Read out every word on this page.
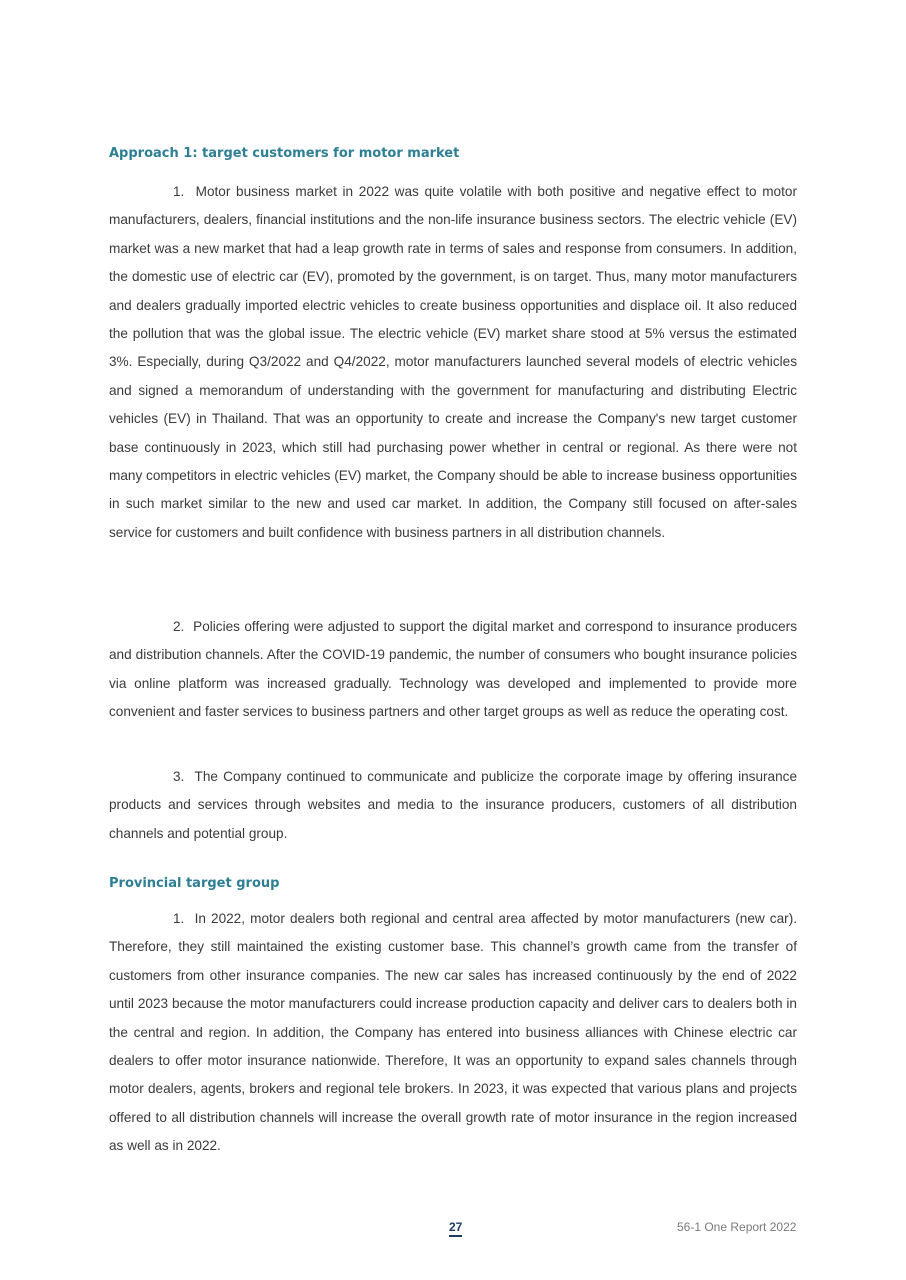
Approach 1: target customers for motor market

1. Motor business market in 2022 was quite volatile with both positive and negative effect to motor manufacturers, dealers, financial institutions and the non-life insurance business sectors. The electric vehicle (EV) market was a new market that had a leap growth rate in terms of sales and response from consumers. In addition, the domestic use of electric car (EV), promoted by the government, is on target. Thus, many motor manufacturers and dealers gradually imported electric vehicles to create business opportunities and displace oil. It also reduced the pollution that was the global issue. The electric vehicle (EV) market share stood at 5% versus the estimated 3%. Especially, during Q3/2022 and Q4/2022, motor manufacturers launched several models of electric vehicles and signed a memorandum of understanding with the government for manufacturing and distributing Electric vehicles (EV) in Thailand. That was an opportunity to create and increase the Company's new target customer base continuously in 2023, which still had purchasing power whether in central or regional. As there were not many competitors in electric vehicles (EV) market, the Company should be able to increase business opportunities in such market similar to the new and used car market. In addition, the Company still focused on after-sales service for customers and built confidence with business partners in all distribution channels.

2. Policies offering were adjusted to support the digital market and correspond to insurance producers and distribution channels. After the COVID-19 pandemic, the number of consumers who bought insurance policies via online platform was increased gradually. Technology was developed and implemented to provide more convenient and faster services to business partners and other target groups as well as reduce the operating cost.

3. The Company continued to communicate and publicize the corporate image by offering insurance products and services through websites and media to the insurance producers, customers of all distribution channels and potential group.

Provincial target group

1. In 2022, motor dealers both regional and central area affected by motor manufacturers (new car). Therefore, they still maintained the existing customer base. This channel’s growth came from the transfer of customers from other insurance companies. The new car sales has increased continuously by the end of 2022 until 2023 because the motor manufacturers could increase production capacity and deliver cars to dealers both in the central and region. In addition, the Company has entered into business alliances with Chinese electric car dealers to offer motor insurance nationwide. Therefore, It was an opportunity to expand sales channels through motor dealers, agents, brokers and regional tele brokers. In 2023, it was expected that various plans and projects offered to all distribution channels will increase the overall growth rate of motor insurance in the region increased as well as in 2022.

27	56-1 One Report 2022
